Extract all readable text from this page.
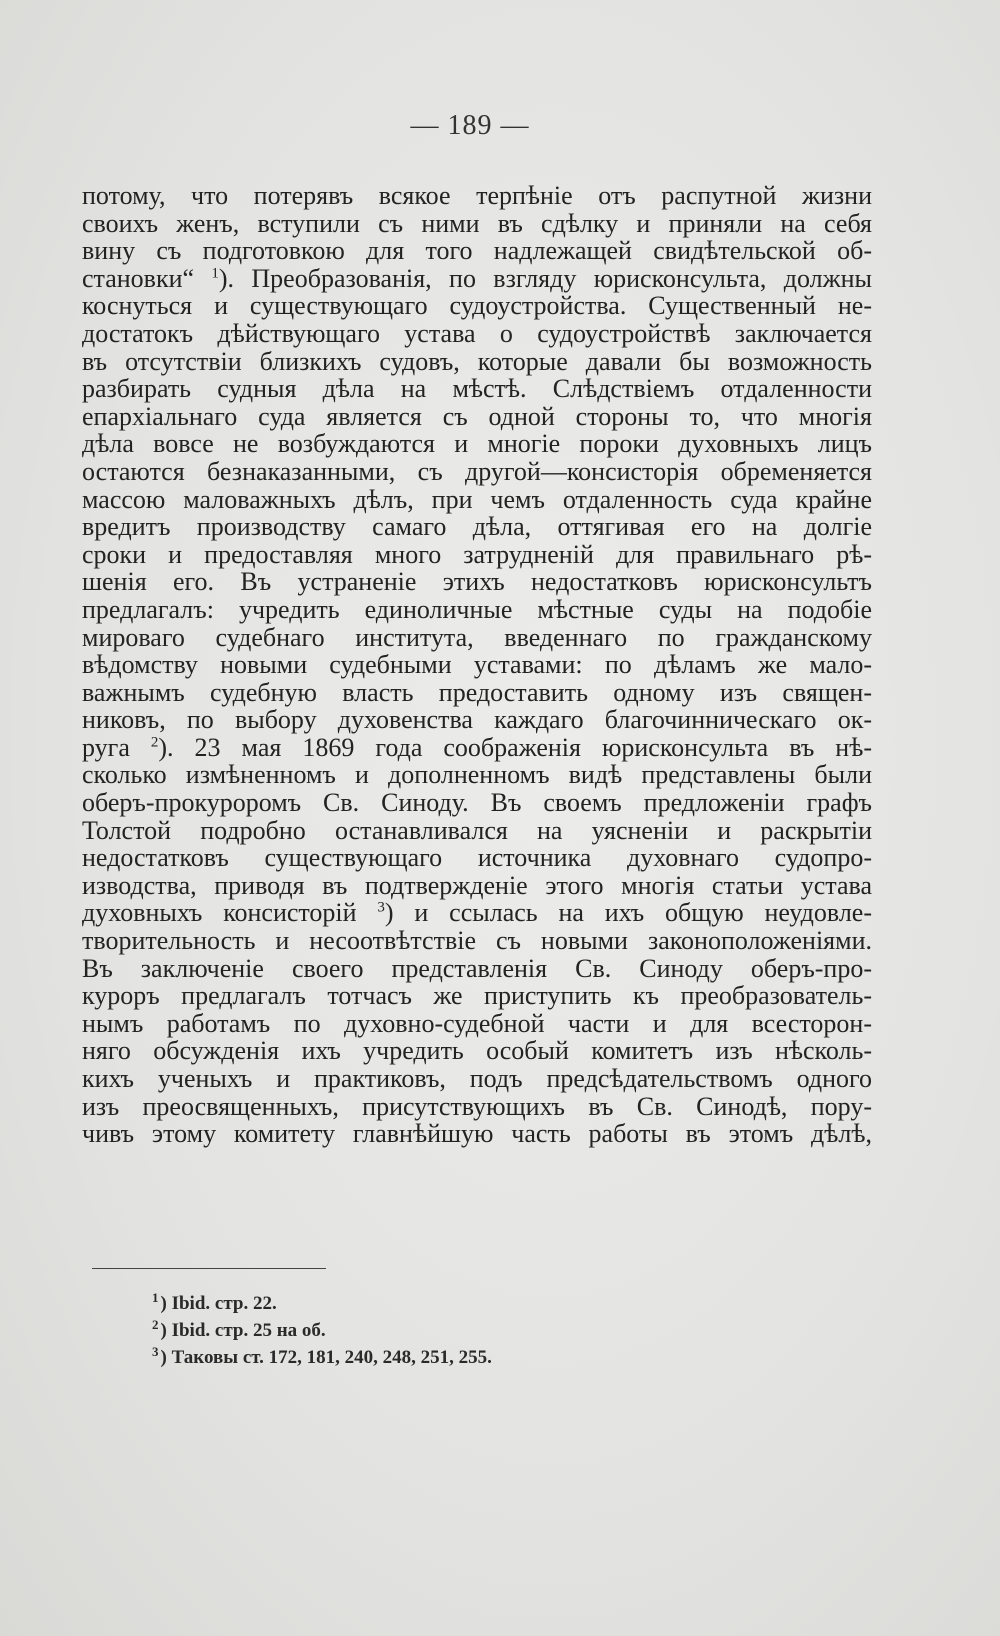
— 189 —
потому, что потерявъ всякое терпѣніе отъ распутной жизни
своихъ женъ, вступили съ ними въ сдѣлку и приняли на себя
вину съ подготовкою для того надлежащей свидѣтельской об-
становки“ $^1$). Преобразованія, по взгляду юрисконсульта, должны
коснуться и существующаго судоустройства. Существенный не-
достатокъ дѣйствующаго устава о судоустройствѣ заключается
въ отсутствіи близкихъ судовъ, которые давали бы возможность
разбирать судныя дѣла на мѣстѣ. Слѣдствіемъ отдаленности
епархіальнаго суда является съ одной стороны то, что многія
дѣла вовсе не возбуждаются и многіе пороки духовныхъ лицъ
остаются безнаказанными, съ другой—консисторія обременяется
массою маловажныхъ дѣлъ, при чемъ отдаленность суда крайне
вредитъ производству самаго дѣла, оттягивая его на долгіе
сроки и предоставляя много затрудненій для правильнаго рѣ-
шенія его. Въ устраненіе этихъ недостатковъ юрисконсультъ
предлагалъ: учредить единоличные мѣстные суды на подобіе
мироваго судебнаго института, введеннаго по гражданскому
вѣдомству новыми судебными уставами: по дѣламъ же мало-
важнымъ судебную власть предоставить одному изъ священ-
никовъ, по выбору духовенства каждаго благочинническаго ок-
руга $^2$). 23 мая 1869 года соображенія юрисконсульта въ нѣ-
сколько измѣненномъ и дополненномъ видѣ представлены были
оберъ-прокуроромъ Св. Синоду. Въ своемъ предложеніи графъ
Толстой подробно останавливался на уясненіи и раскрытіи
недостатковъ существующаго источника духовнаго судопро-
изводства, приводя въ подтвержденіе этого многія статьи устава
духовныхъ консисторій $^3$) и ссылась на ихъ общую неудовле-
творительность и несоотвѣтствіе съ новыми законоположеніями.
Въ заключеніе своего представленія Св. Синоду оберъ-про-
куроръ предлагалъ тотчасъ же приступить къ преобразователь-
нымъ работамъ по духовно-судебной части и для всесторон-
няго обсужденія ихъ учредить особый комитетъ изъ нѣсколь-
кихъ ученыхъ и практиковъ, подъ предсѣдательствомъ одного
изъ преосвященныхъ, присутствующихъ въ Св. Синодѣ, пору-
чивъ этому комитету главнѣйшую часть работы въ этомъ дѣлѣ,
$^1$ ) Ibid. стр. 22.
$^2$ ) Ibid. стр. 25 на об.
$^3$ ) Таковы ст. 172, 181, 240, 248, 251, 255.
